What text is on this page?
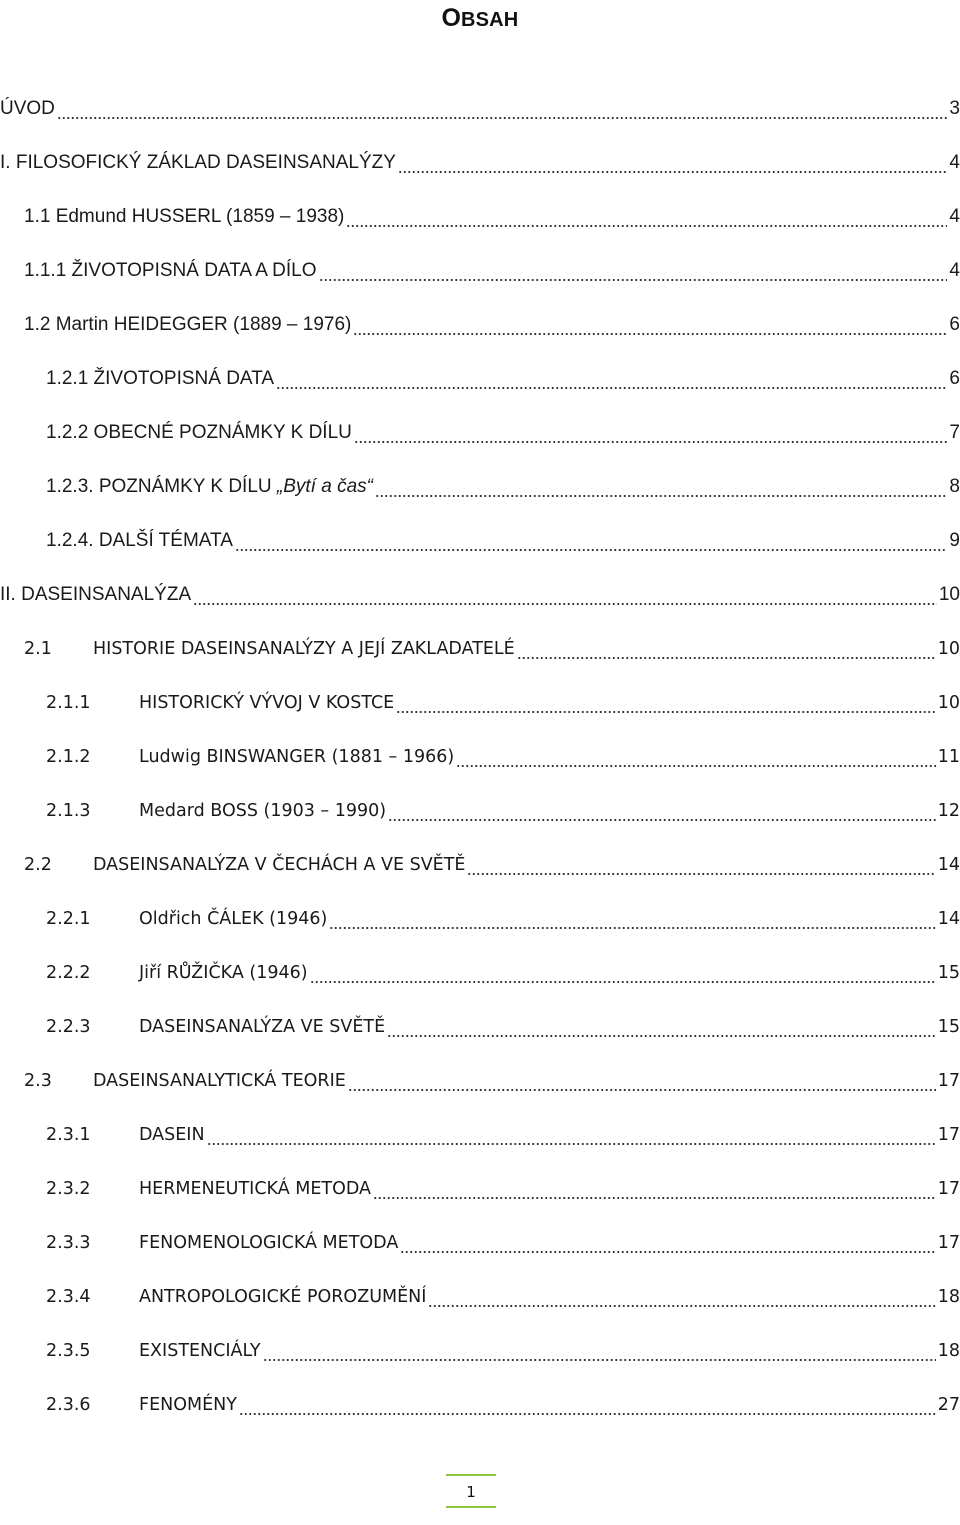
OBSAH
ÚVOD	3
I. FILOSOFICKÝ ZÁKLAD DASEINSANALÝZY	4
1.1 Edmund HUSSERL (1859 – 1938)	4
1.1.1 ŽIVOTOPISNÁ DATA A DÍLO	4
1.2 Martin HEIDEGGER (1889 – 1976)	6
1.2.1 ŽIVOTOPISNÁ DATA	6
1.2.2 OBECNÉ POZNÁMKY K DÍLU	7
1.2.3. POZNÁMKY K DÍLU „Bytí a čas“	8
1.2.4. DALŠÍ TÉMATA	9
II. DASEINSANALÝZA	10
2.1	HISTORIE DASEINSANALÝZY A JEJÍ ZAKLADATELÉ	10
2.1.1	HISTORICKÝ VÝVOJ V KOSTCE	10
2.1.2	Ludwig BINSWANGER (1881 – 1966)	11
2.1.3	Medard BOSS (1903 – 1990)	12
2.2	DASEINSANALÝZA V ČECHÁCH A VE SVĚTĚ	14
2.2.1	Oldřich ČÁLEK (1946)	14
2.2.2	Jiří RŮŽIČKA (1946)	15
2.2.3	DASEINSANALÝZA VE SVĚTĚ	15
2.3	DASEINSANALYTICKÁ TEORIE	17
2.3.1	DASEIN	17
2.3.2	HERMENEUTICKÁ METODA	17
2.3.3	FENOMENOLOGICKÁ METODA	17
2.3.4	ANTROPOLOGICKÉ POROZUMĚNÍ	18
2.3.5	EXISTENCIÁLY	18
2.3.6	FENOMÉNY	27
1
